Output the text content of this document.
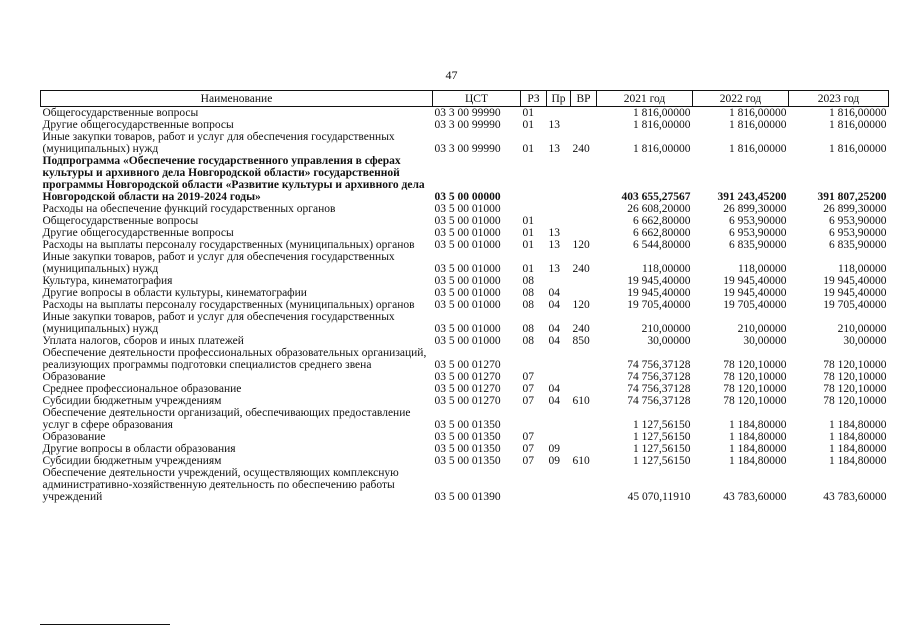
47
Наименование	ЦСТ	РЗ	Пр	ВР	2021 год	2022 год	2023 год
Общегосударственные вопросы	03 3 00 99990	01			1 816,00000	1 816,00000	1 816,00000
Другие общегосударственные вопросы	03 3 00 99990	01	13		1 816,00000	1 816,00000	1 816,00000
Иные закупки товаров, работ и услуг для обеспечения государственных (муниципальных) нужд	03 3 00 99990	01	13	240	1 816,00000	1 816,00000	1 816,00000
Подпрограмма «Обеспечение государственного управления в сферах культуры и архивного дела Новгородской области» государственной программы Новгородской области «Развитие культуры и архивного дела Новгородской области на 2019-2024 годы»	03 5 00 00000				403 655,27567	391 243,45200	391 807,25200
Расходы на обеспечение функций государственных органов	03 5 00 01000				26 608,20000	26 899,30000	26 899,30000
Общегосударственные вопросы	03 5 00 01000	01			6 662,80000	6 953,90000	6 953,90000
Другие общегосударственные вопросы	03 5 00 01000	01	13		6 662,80000	6 953,90000	6 953,90000
Расходы на выплаты персоналу государственных (муниципальных) органов	03 5 00 01000	01	13	120	6 544,80000	6 835,90000	6 835,90000
Иные закупки товаров, работ и услуг для обеспечения государственных (муниципальных) нужд	03 5 00 01000	01	13	240	118,00000	118,00000	118,00000
Культура, кинематография	03 5 00 01000	08			19 945,40000	19 945,40000	19 945,40000
Другие вопросы в области культуры, кинематографии	03 5 00 01000	08	04		19 945,40000	19 945,40000	19 945,40000
Расходы на выплаты персоналу государственных (муниципальных) органов	03 5 00 01000	08	04	120	19 705,40000	19 705,40000	19 705,40000
Иные закупки товаров, работ и услуг для обеспечения государственных (муниципальных) нужд	03 5 00 01000	08	04	240	210,00000	210,00000	210,00000
Уплата налогов, сборов и иных платежей	03 5 00 01000	08	04	850	30,00000	30,00000	30,00000
Обеспечение деятельности профессиональных образовательных организаций, реализующих программы подготовки специалистов среднего звена	03 5 00 01270				74 756,37128	78 120,10000	78 120,10000
Образование	03 5 00 01270	07			74 756,37128	78 120,10000	78 120,10000
Среднее профессиональное образование	03 5 00 01270	07	04		74 756,37128	78 120,10000	78 120,10000
Субсидии бюджетным учреждениям	03 5 00 01270	07	04	610	74 756,37128	78 120,10000	78 120,10000
Обеспечение деятельности организаций, обеспечивающих предоставление услуг в сфере образования	03 5 00 01350				1 127,56150	1 184,80000	1 184,80000
Образование	03 5 00 01350	07			1 127,56150	1 184,80000	1 184,80000
Другие вопросы в области образования	03 5 00 01350	07	09		1 127,56150	1 184,80000	1 184,80000
Субсидии бюджетным учреждениям	03 5 00 01350	07	09	610	1 127,56150	1 184,80000	1 184,80000
Обеспечение деятельности учреждений, осуществляющих комплексную административно-хозяйственную деятельность по обеспечению работы учреждений	03 5 00 01390				45 070,11910	43 783,60000	43 783,60000
